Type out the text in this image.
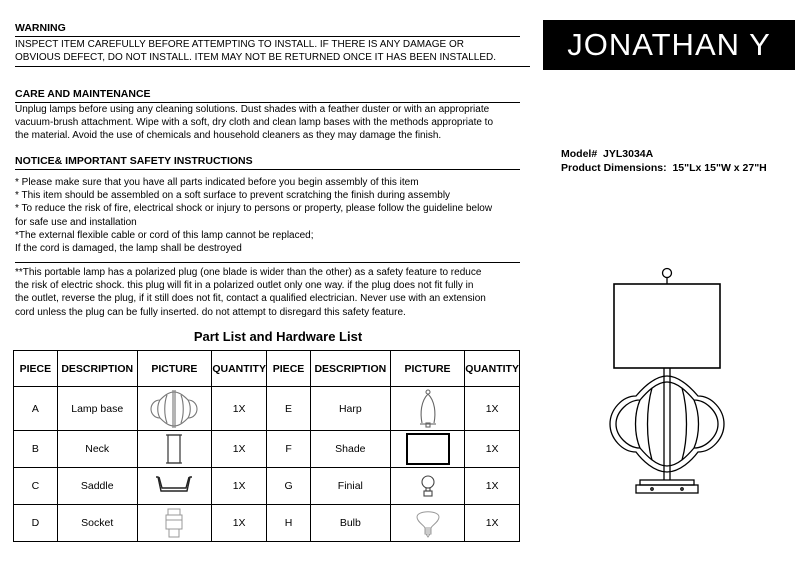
WARNING
INSPECT ITEM CAREFULLY BEFORE ATTEMPTING TO INSTALL. IF THERE IS ANY DAMAGE OR
OBVIOUS DEFECT, DO NOT INSTALL. ITEM MAY NOT BE RETURNED ONCE IT HAS BEEN INSTALLED.
CARE AND MAINTENANCE
Unplug lamps before using any cleaning solutions. Dust shades with a feather duster or with an appropriate
vacuum-brush attachment. Wipe with a soft, dry cloth and clean lamp bases with the methods appropriate to
the material. Avoid the use of chemicals and household cleaners as they may damage the finish.
NOTICE& IMPORTANT SAFETY INSTRUCTIONS
* Please make sure that you have all parts indicated before you begin assembly of this item
* This item should be assembled on a soft surface to prevent scratching the finish during assembly
* To reduce the risk of fire, electrical shock or injury to persons or property, please follow the guideline below
for safe use and installation
*The external flexible cable or cord of this lamp cannot be replaced;
If the cord is damaged, the lamp shall be destroyed
**This portable lamp has a polarized plug (one blade is wider than the other) as a safety feature to reduce
the risk of electric shock. this plug will fit in a polarized outlet only one way. if the plug does not fit fully in
the outlet, reverse the plug, if it still does not fit, contact a qualified electrician. Never use with an extension
cord unless the plug can be fully inserted. do not attempt to disregard this safety feature.
JONATHAN Y
Model# JYL3034A
Product Dimensions: 15"Lx 15"W x 27"H
Part List and Hardware List
PIECE	DESCRIPTION	PICTURE	QUANTITY	PIECE	DESCRIPTION	PICTURE	QUANTITY
A	Lamp base		1X	E	Harp		1X
B	Neck		1X	F	Shade		1X
C	Saddle		1X	G	Finial		1X
D	Socket		1X	H	Bulb		1X
